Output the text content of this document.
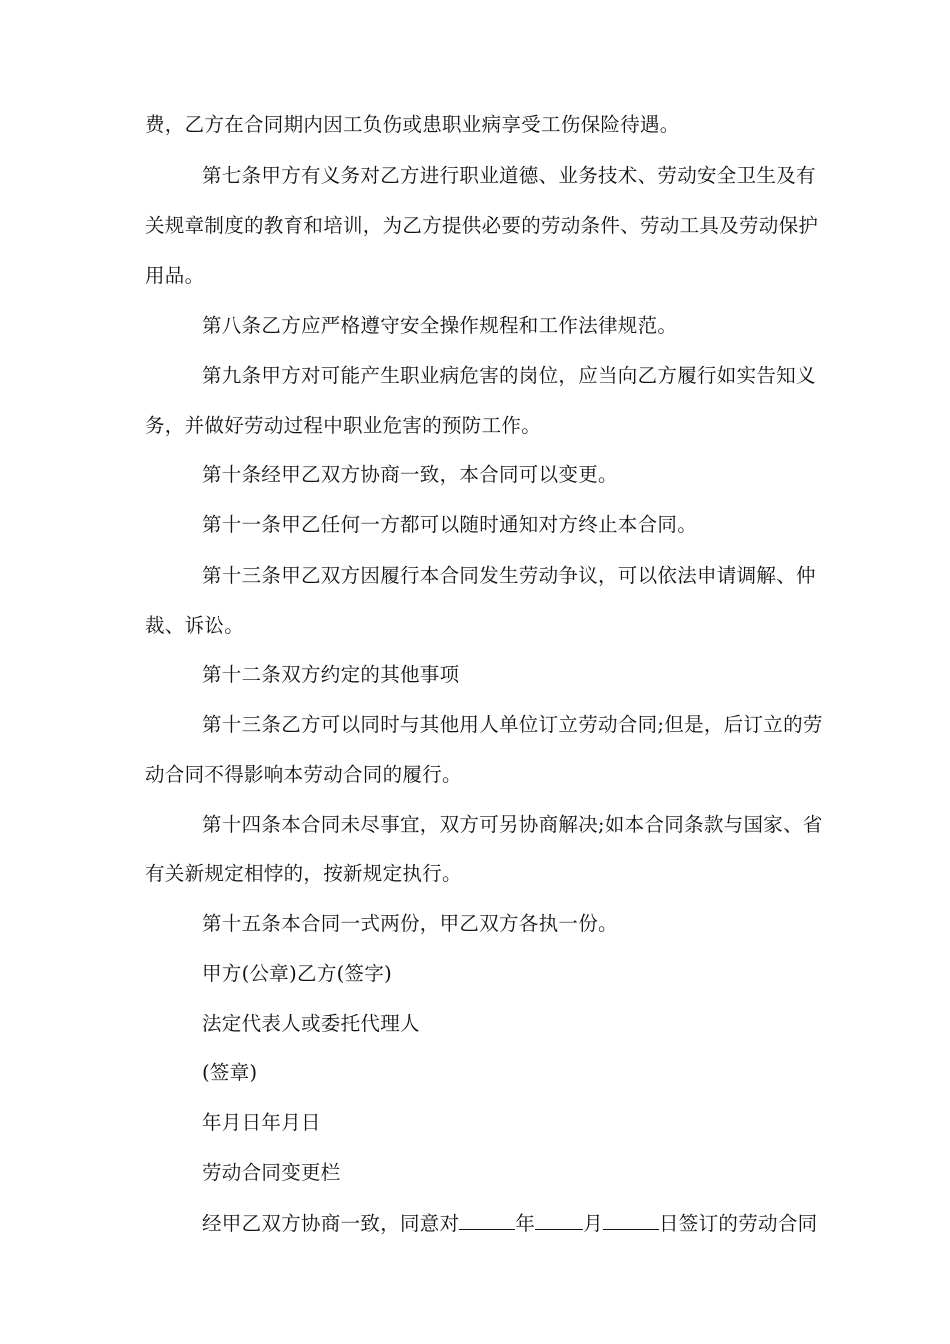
费，乙方在合同期内因工负伤或患职业病享受工伤保险待遇。
第七条甲方有义务对乙方进行职业道德、业务技术、劳动安全卫生及有
关规章制度的教育和培训，为乙方提供必要的劳动条件、劳动工具及劳动保护
用品。
第八条乙方应严格遵守安全操作规程和工作法律规范。
第九条甲方对可能产生职业病危害的岗位，应当向乙方履行如实告知义
务，并做好劳动过程中职业危害的预防工作。
第十条经甲乙双方协商一致，本合同可以变更。
第十一条甲乙任何一方都可以随时通知对方终止本合同。
第十三条甲乙双方因履行本合同发生劳动争议，可以依法申请调解、仲
裁、诉讼。
第十二条双方约定的其他事项
第十三条乙方可以同时与其他用人单位订立劳动合同;但是，后订立的劳
动合同不得影响本劳动合同的履行。
第十四条本合同未尽事宜，双方可另协商解决;如本合同条款与国家、省
有关新规定相悖的，按新规定执行。
第十五条本合同一式两份，甲乙双方各执一份。
甲方(公章)乙方(签字)
法定代表人或委托代理人
(签章)
年月日年月日
劳动合同变更栏
经甲乙双方协商一致，同意对	年 月	日签订的劳动合同
